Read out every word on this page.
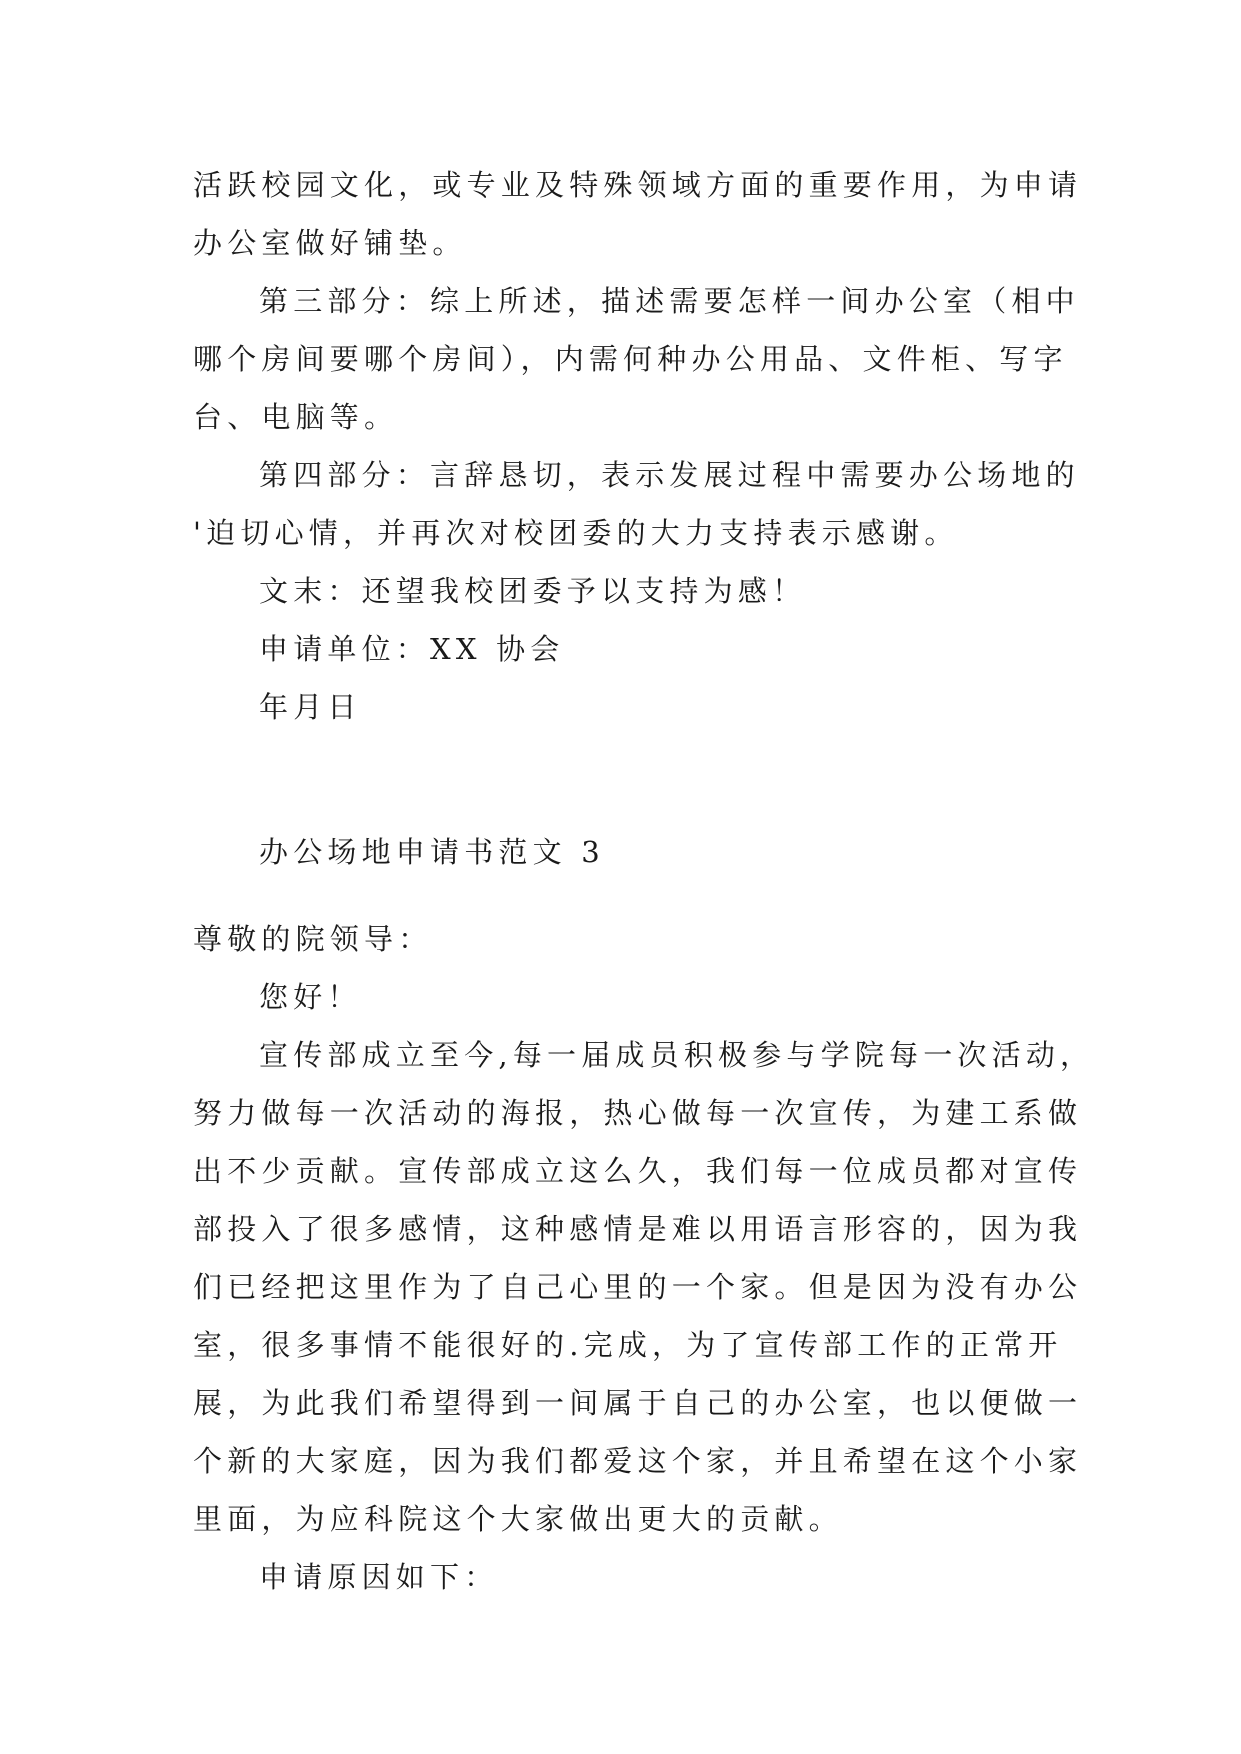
活跃校园文化，或专业及特殊领域方面的重要作用，为申请

办公室做好铺垫。

第三部分：综上所述，描述需要怎样一间办公室（相中

哪个房间要哪个房间），内需何种办公用品、文件柜、写字

台、电脑等。

第四部分：言辞恳切，表示发展过程中需要办公场地的

'迫切心情，并再次对校团委的大力支持表示感谢。

文末：还望我校团委予以支持为感！

申请单位：XX 协会

年月日

办公场地申请书范文 3

尊敬的院领导：

您好！

宣传部成立至今,每一届成员积极参与学院每一次活动，

努力做每一次活动的海报，热心做每一次宣传，为建工系做

出不少贡献。宣传部成立这么久，我们每一位成员都对宣传

部投入了很多感情，这种感情是难以用语言形容的，因为我

们已经把这里作为了自己心里的一个家。但是因为没有办公

室，很多事情不能很好的.完成，为了宣传部工作的正常开

展，为此我们希望得到一间属于自己的办公室，也以便做一

个新的大家庭，因为我们都爱这个家，并且希望在这个小家

里面，为应科院这个大家做出更大的贡献。

申请原因如下：
